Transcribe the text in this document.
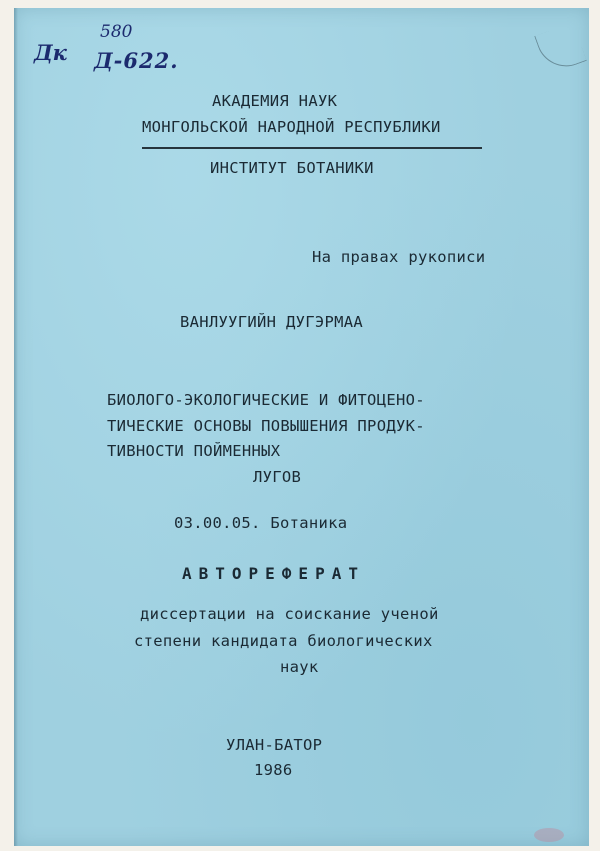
Дк
580
Д-622.
АКАДЕМИЯ НАУК
МОНГОЛЬСКОЙ НАРОДНОЙ РЕСПУБЛИКИ
ИНСТИТУТ БОТАНИКИ
На правах рукописи
ВАНЛУУГИЙН ДУГЭРМАА
БИОЛОГО-ЭКОЛОГИЧЕСКИЕ И ФИТОЦЕНО-
ТИЧЕСКИЕ ОСНОВЫ ПОВЫШЕНИЯ ПРОДУК-
ТИВНОСТИ ПОЙМЕННЫХ
ЛУГОВ
03.00.05. Ботаника
АВТОРЕФЕРАТ
диссертации на соискание ученой
степени кандидата биологических
наук
УЛАН-БАТОР
1986
